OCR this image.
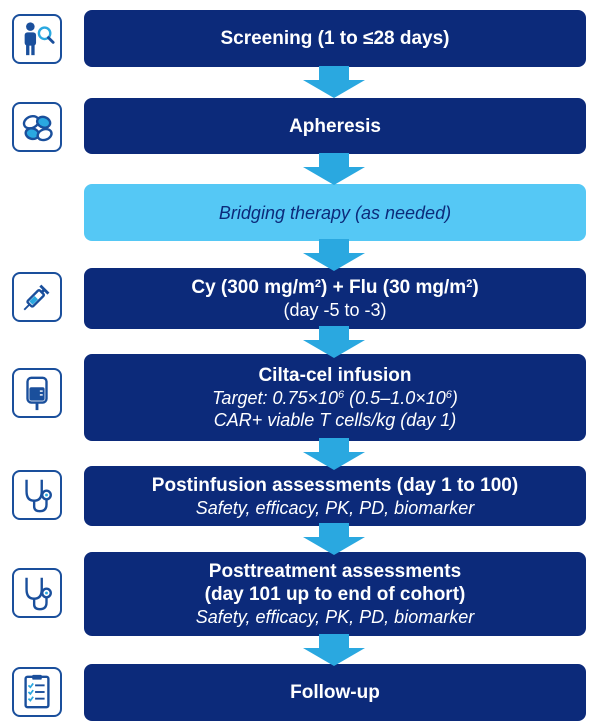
Screening (1 to ≤28 days)
Apheresis
Bridging therapy (as needed)
Cy (300 $mg/m^2$) + Flu (30 $mg/m^2$)
(day -5 to -3)
Cilta-cel infusion
Target: $0.75\times 10^6$ $(0.5-1.0\times 10^6)$
CAR+ viable T cells/kg (day 1)
Postinfusion assessments (day 1 to 100)
Safety, efficacy, PK, PD, biomarker
Posttreatment assessments
(day 101 up to end of cohort)
Safety, efficacy, PK, PD, biomarker
Follow-up
